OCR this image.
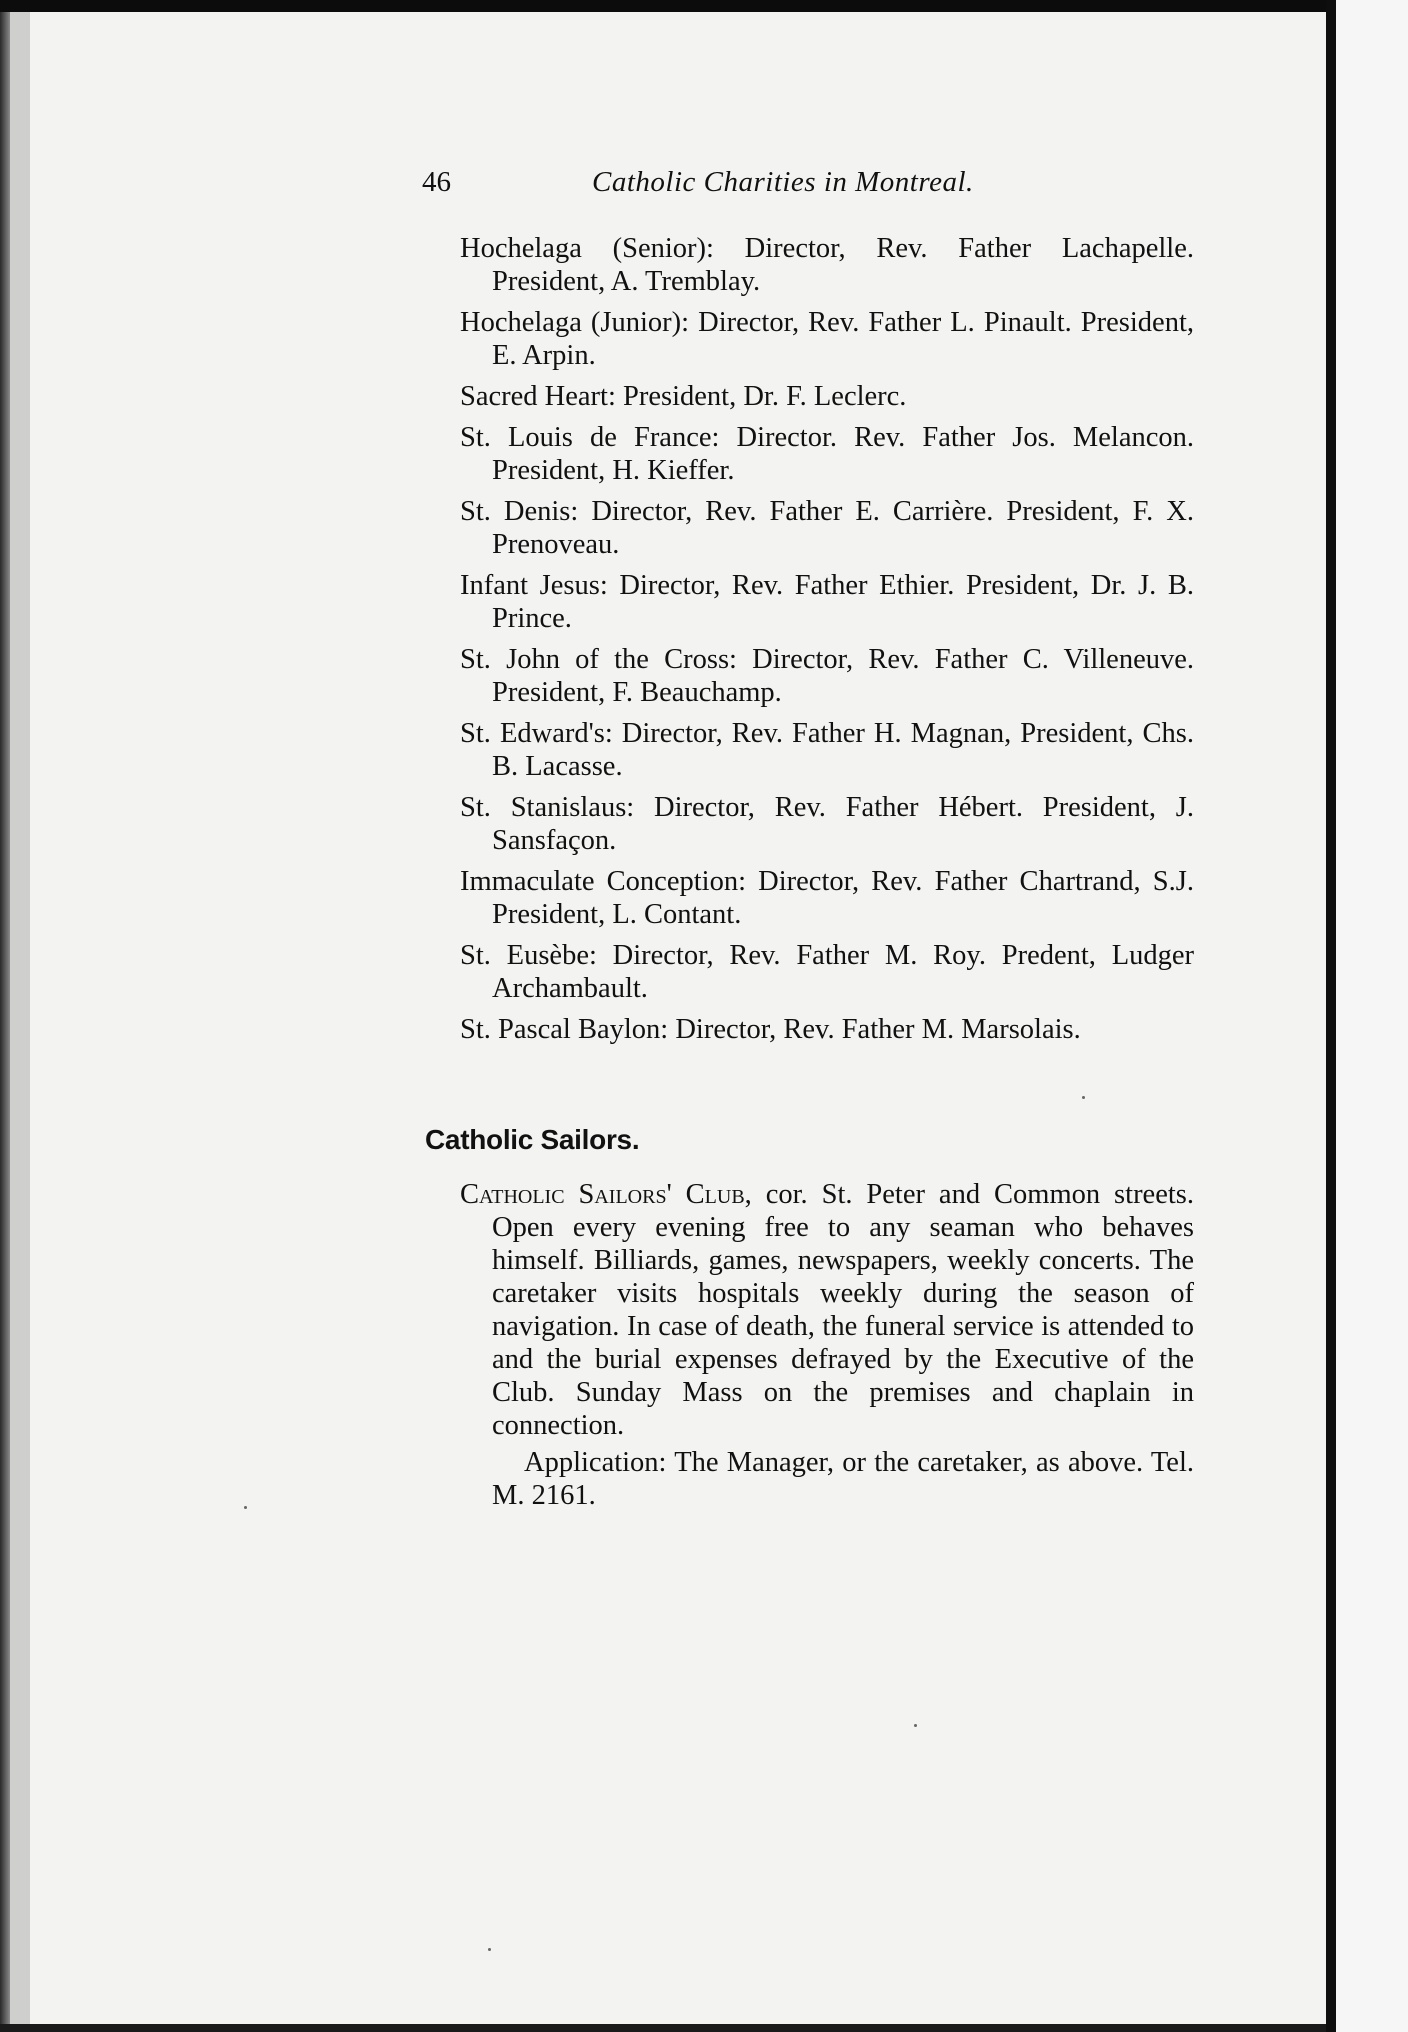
46	Catholic Charities in Montreal.

Hochelaga (Senior): Director, Rev. Father Lachapelle. President, A. Tremblay.

Hochelaga (Junior): Director, Rev. Father L. Pinault. President, E. Arpin.

Sacred Heart: President, Dr. F. Leclerc.

St. Louis de France: Director. Rev. Father Jos. Melancon. President, H. Kieffer.

St. Denis: Director, Rev. Father E. Carrière. President, F. X. Prenoveau.

Infant Jesus: Director, Rev. Father Ethier. President, Dr. J. B. Prince.

St. John of the Cross: Director, Rev. Father C. Villeneuve. President, F. Beauchamp.

St. Edward's: Director, Rev. Father H. Magnan, President, Chs. B. Lacasse.

St. Stanislaus: Director, Rev. Father Hébert. President, J. Sansfaçon.

Immaculate Conception: Director, Rev. Father Chartrand, S.J. President, L. Contant.

St. Eusèbe: Director, Rev. Father M. Roy. Predent, Ludger Archambault.

St. Pascal Baylon: Director, Rev. Father M. Marsolais.

Catholic Sailors.

Catholic Sailors' Club, cor. St. Peter and Common streets. Open every evening free to any seaman who behaves himself. Billiards, games, newspapers, weekly concerts. The caretaker visits hospitals weekly during the season of navigation. In case of death, the funeral service is attended to and the burial expenses defrayed by the Executive of the Club. Sunday Mass on the premises and chaplain in connection.

Application: The Manager, or the caretaker, as above. Tel. M. 2161.
